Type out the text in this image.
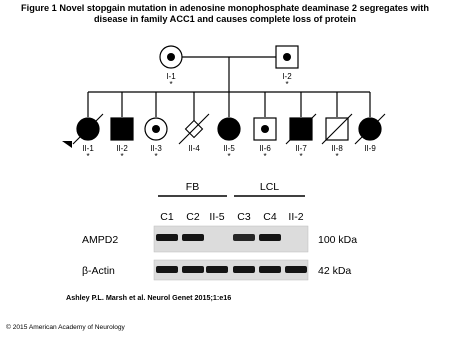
Figure 1 Novel stopgain mutation in adenosine monophosphate deaminase 2 segregates with
disease in family ACC1 and causes complete loss of protein
I-1
*
I-2
*
II-1
*
II-2
*
II-3
*
II-4	II-5
*
II-6
*
II-7
*
II-8
*
II-9
FB	LCL
C1 C2 II-5 C3 C4 II-2
AMPD2	100 kDa
β-Actin	42 kDa

Ashley P.L. Marsh et al. Neurol Genet 2015;1:e16

© 2015 American Academy of Neurology
